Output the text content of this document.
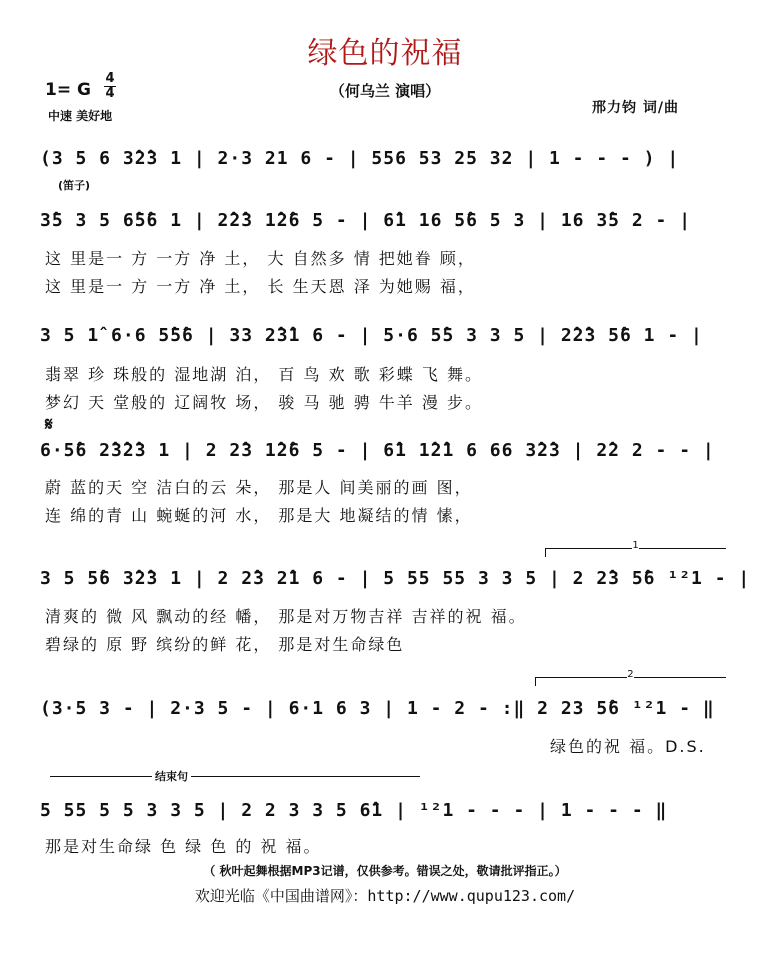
绿色的祝福
（何乌兰 演唱）
1= G
4
4
中速 美好地	邢力钧 词/曲
(3 5 6 3̂2̂3 1 | 2·3 21 6 - | 556 53 25 32 | 1 - - - ) |
(笛子)
3̂5 3 5 6̂5̂6 1 | 2̂2̂3 1̂2̂6 5 - | 6̂1 16 5̂6 5 3 | 16 3̂5 2 - |
这 里是一 方 一方 净 土， 大 自然多 情 把她眷 顾，
这 里是一 方 一方 净 土， 长 生天恩 泽 为她赐 福，
3 5 1̂ 6·6 5̂5̂6 | 33 2̂3̂1 6 - | 5·6 5̂5 3 3 5 | 2̂2̂3 5̂6 1 - |
翡翠 珍 珠般的 湿地湖 泊， 百 鸟 欢 歌 彩蝶 飞 舞。
梦幻 天 堂般的 辽阔牧 场， 骏 马 驰 骋 牛羊 漫 步。
𝄋
6·5̂6 2̂3̂2̂3 1 | 2 2̂3 1̂2̂6 5 - | 6̂1 1̂2̂1 6 66 3̂2̂3 | 2̂2 2 - - |
蔚 蓝的天 空 洁白的云 朵， 那是人 间美丽的画 图，
连 绵的青 山 蜿蜒的河 水， 那是大 地凝结的情 愫，
1
3 5 5̂6 3̂2̂3 1 | 2 2̂3 2̂1 6 - | 5 55 55 3 3 5 | 2 2̂3 5̂6 ¹²1 - |
清爽的 微 风 飘动的经 幡， 那是对万物吉祥 吉祥的祝 福。
碧绿的 原 野 缤纷的鲜 花， 那是对生命绿色
2
(3·5 3 - | 2·3 5 - | 6·1 6 3 | 1 - 2 - :‖ 2 23 5̂6 ¹²1 - ‖
绿色的祝 福。D.S.
结束句
5 55 5 5 3 3 5 | 2 2 3 3 5 6̂1 | ¹²1 - - - | 1 - - - ‖
那是对生命绿 色 绿 色 的 祝 福。
（ 秋叶起舞根据MP3记谱，仅供参考。错误之处，敬请批评指正。）
欢迎光临《中国曲谱网》：http://www.qupu123.com/
